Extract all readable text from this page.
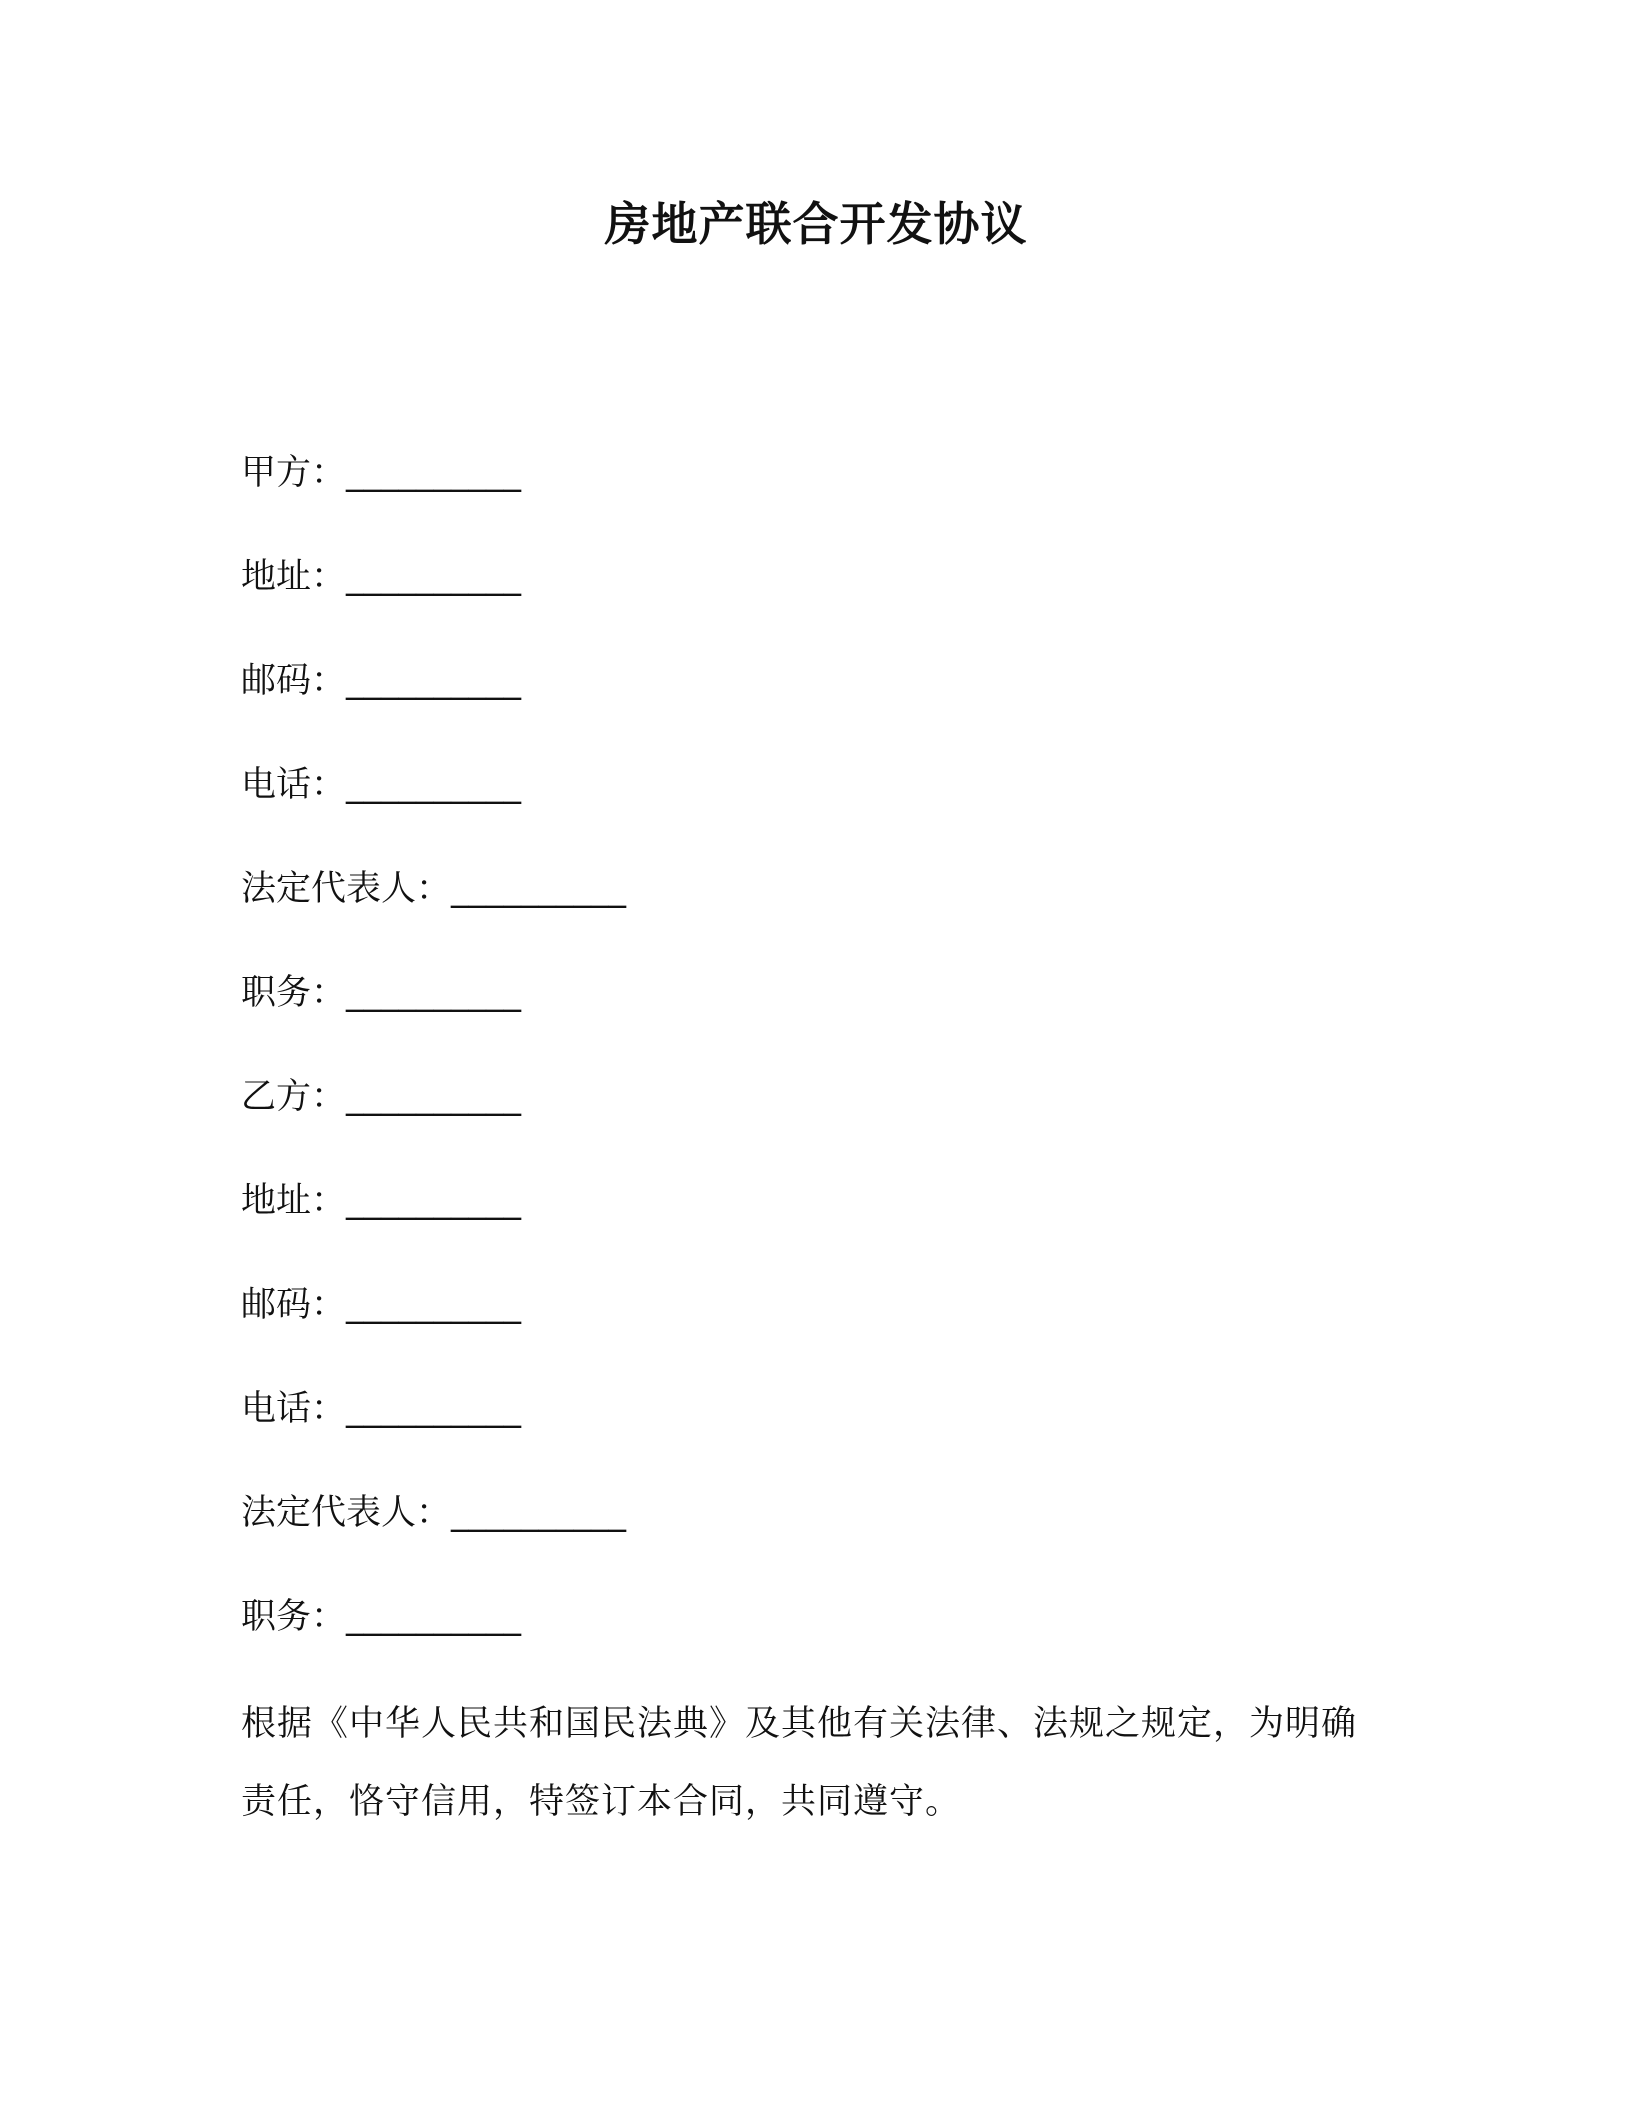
房地产联合开发协议
甲方：__________
地址：__________
邮码：__________
电话：__________
法定代表人：__________
职务：__________
乙方：__________
地址：__________
邮码：__________
电话：__________
法定代表人：__________
职务：__________
根据《中华人民共和国民法典》及其他有关法律、法规之规定，为明确责任，恪守信用，特签订本合同，共同遵守。
